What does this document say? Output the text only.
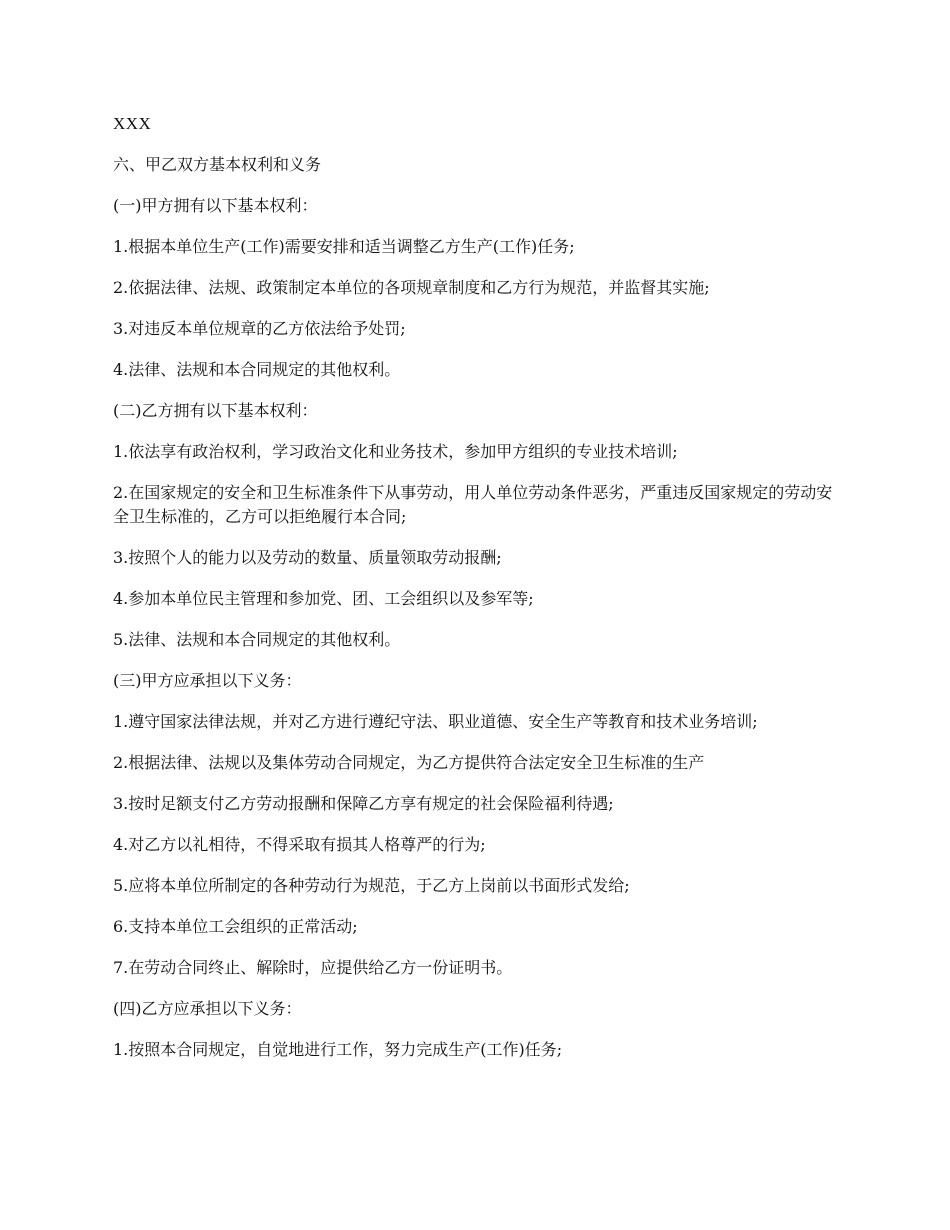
XXX

六、甲乙双方基本权利和义务

(一)甲方拥有以下基本权利：

1.根据本单位生产(工作)需要安排和适当调整乙方生产(工作)任务;

2.依据法律、法规、政策制定本单位的各项规章制度和乙方行为规范，并监督其实施;

3.对违反本单位规章的乙方依法给予处罚;

4.法律、法规和本合同规定的其他权利。

(二)乙方拥有以下基本权利：

1.依法享有政治权利，学习政治文化和业务技术，参加甲方组织的专业技术培训;

2.在国家规定的安全和卫生标准条件下从事劳动，用人单位劳动条件恶劣，严重违反国家规定的劳动安全卫生标准的，乙方可以拒绝履行本合同;

3.按照个人的能力以及劳动的数量、质量领取劳动报酬;

4.参加本单位民主管理和参加党、团、工会组织以及参军等;

5.法律、法规和本合同规定的其他权利。

(三)甲方应承担以下义务：

1.遵守国家法律法规，并对乙方进行遵纪守法、职业道德、安全生产等教育和技术业务培训;

2.根据法律、法规以及集体劳动合同规定，为乙方提供符合法定安全卫生标准的生产

3.按时足额支付乙方劳动报酬和保障乙方享有规定的社会保险福利待遇;

4.对乙方以礼相待，不得采取有损其人格尊严的行为;

5.应将本单位所制定的各种劳动行为规范，于乙方上岗前以书面形式发给;

6.支持本单位工会组织的正常活动;

7.在劳动合同终止、解除时，应提供给乙方一份证明书。

(四)乙方应承担以下义务：

1.按照本合同规定，自觉地进行工作，努力完成生产(工作)任务;
